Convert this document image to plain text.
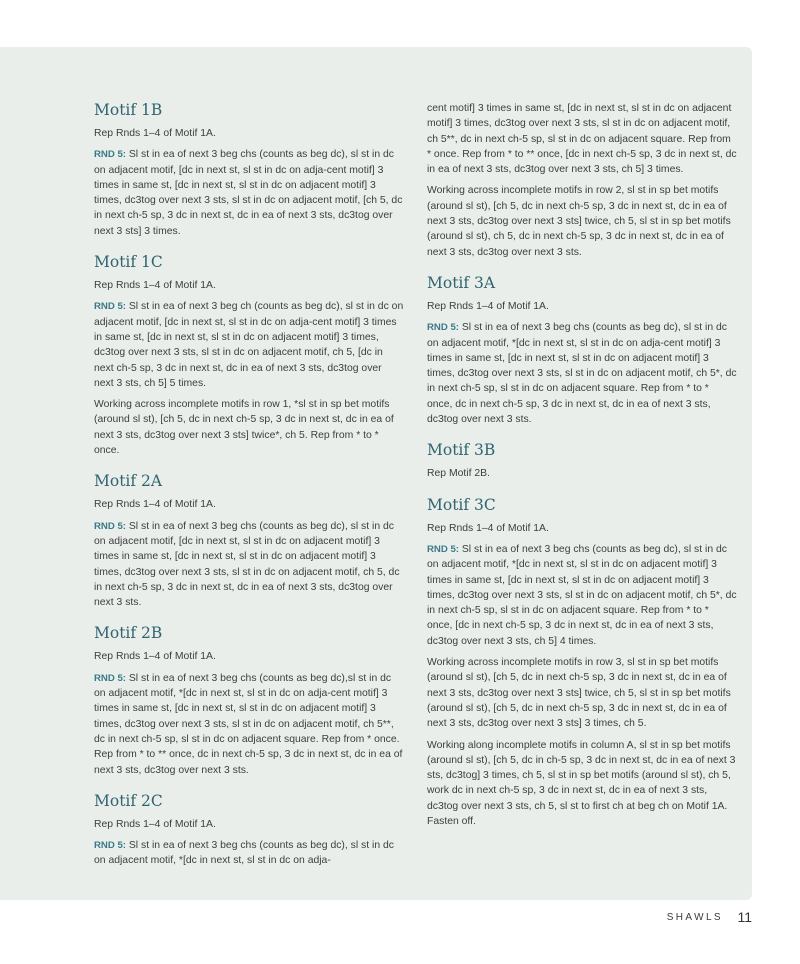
Motif 1B

Rep Rnds 1–4 of Motif 1A.

RND 5: Sl st in ea of next 3 beg chs (counts as beg dc), sl st in dc on adjacent motif, [dc in next st, sl st in dc on adja-cent motif] 3 times in same st, [dc in next st, sl st in dc on adjacent motif] 3 times, dc3tog over next 3 sts, sl st in dc on adjacent motif, [ch 5, dc in next ch-5 sp, 3 dc in next st, dc in ea of next 3 sts, dc3tog over next 3 sts] 3 times.

Motif 1C

Rep Rnds 1–4 of Motif 1A.

RND 5: Sl st in ea of next 3 beg ch (counts as beg dc), sl st in dc on adjacent motif, [dc in next st, sl st in dc on adja-cent motif] 3 times in same st, [dc in next st, sl st in dc on adjacent motif] 3 times, dc3tog over next 3 sts, sl st in dc on adjacent motif, ch 5, [dc in next ch-5 sp, 3 dc in next st, dc in ea of next 3 sts, dc3tog over next 3 sts, ch 5] 5 times.

Working across incomplete motifs in row 1, *sl st in sp bet motifs (around sl st), [ch 5, dc in next ch-5 sp, 3 dc in next st, dc in ea of next 3 sts, dc3tog over next 3 sts] twice*, ch 5. Rep from * to * once.

Motif 2A

Rep Rnds 1–4 of Motif 1A.

RND 5: Sl st in ea of next 3 beg chs (counts as beg dc), sl st in dc on adjacent motif, [dc in next st, sl st in dc on adjacent motif] 3 times in same st, [dc in next st, sl st in dc on adjacent motif] 3 times, dc3tog over next 3 sts, sl st in dc on adjacent motif, ch 5, dc in next ch-5 sp, 3 dc in next st, dc in ea of next 3 sts, dc3tog over next 3 sts.

Motif 2B

Rep Rnds 1–4 of Motif 1A.

RND 5: Sl st in ea of next 3 beg chs (counts as beg dc),sl st in dc on adjacent motif, *[dc in next st, sl st in dc on adja-cent motif] 3 times in same st, [dc in next st, sl st in dc on adjacent motif] 3 times, dc3tog over next 3 sts, sl st in dc on adjacent motif, ch 5**, dc in next ch-5 sp, sl st in dc on adjacent square. Rep from * once. Rep from * to ** once, dc in next ch-5 sp, 3 dc in next st, dc in ea of next 3 sts, dc3tog over next 3 sts.

Motif 2C

Rep Rnds 1–4 of Motif 1A.

RND 5: Sl st in ea of next 3 beg chs (counts as beg dc), sl st in dc on adjacent motif, *[dc in next st, sl st in dc on adja-

cent motif] 3 times in same st, [dc in next st, sl st in dc on adjacent motif] 3 times, dc3tog over next 3 sts, sl st in dc on adjacent motif, ch 5**, dc in next ch-5 sp, sl st in dc on adjacent square. Rep from * once. Rep from * to ** once, [dc in next ch-5 sp, 3 dc in next st, dc in ea of next 3 sts, dc3tog over next 3 sts, ch 5] 3 times.

Working across incomplete motifs in row 2, sl st in sp bet motifs (around sl st), [ch 5, dc in next ch-5 sp, 3 dc in next st, dc in ea of next 3 sts, dc3tog over next 3 sts] twice, ch 5, sl st in sp bet motifs (around sl st), ch 5, dc in next ch-5 sp, 3 dc in next st, dc in ea of next 3 sts, dc3tog over next 3 sts.

Motif 3A

Rep Rnds 1–4 of Motif 1A.

RND 5: Sl st in ea of next 3 beg chs (counts as beg dc), sl st in dc on adjacent motif, *[dc in next st, sl st in dc on adja-cent motif] 3 times in same st, [dc in next st, sl st in dc on adjacent motif] 3 times, dc3tog over next 3 sts, sl st in dc on adjacent motif, ch 5*, dc in next ch-5 sp, sl st in dc on adjacent square. Rep from * to * once, dc in next ch-5 sp, 3 dc in next st, dc in ea of next 3 sts, dc3tog over next 3 sts.

Motif 3B

Rep Motif 2B.

Motif 3C

Rep Rnds 1–4 of Motif 1A.

RND 5: Sl st in ea of next 3 beg chs (counts as beg dc), sl st in dc on adjacent motif, *[dc in next st, sl st in dc on adjacent motif] 3 times in same st, [dc in next st, sl st in dc on adjacent motif] 3 times, dc3tog over next 3 sts, sl st in dc on adjacent motif, ch 5*, dc in next ch-5 sp, sl st in dc on adjacent square. Rep from * to * once, [dc in next ch-5 sp, 3 dc in next st, dc in ea of next 3 sts, dc3tog over next 3 sts, ch 5] 4 times.

Working across incomplete motifs in row 3, sl st in sp bet motifs (around sl st), [ch 5, dc in next ch-5 sp, 3 dc in next st, dc in ea of next 3 sts, dc3tog over next 3 sts] twice, ch 5, sl st in sp bet motifs (around sl st), [ch 5, dc in next ch-5 sp, 3 dc in next st, dc in ea of next 3 sts, dc3tog over next 3 sts] 3 times, ch 5.

Working along incomplete motifs in column A, sl st in sp bet motifs (around sl st), [ch 5, dc in ch-5 sp, 3 dc in next st, dc in ea of next 3 sts, dc3tog] 3 times, ch 5, sl st in sp bet motifs (around sl st), ch 5, work dc in next ch-5 sp, 3 dc in next st, dc in ea of next 3 sts, dc3tog over next 3 sts, ch 5, sl st to first ch at beg ch on Motif 1A. Fasten off.

SHAWLS 11
